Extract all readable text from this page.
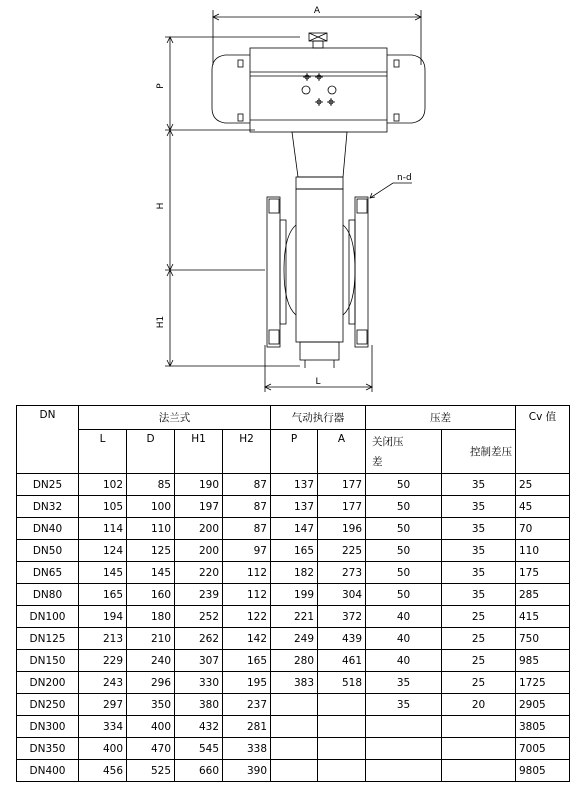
A
P
H
H1
L
n-d
DN	法兰式				气动执行器		压差		Cv 值
	L	D	H1	H2	P	A	关闭压差	控制差压	

DN25	102	85	190	87	137	177	50	35	25
DN32	105	100	197	87	137	177	50	35	45
DN40	114	110	200	87	147	196	50	35	70
DN50	124	125	200	97	165	225	50	35	110
DN65	145	145	220	112	182	273	50	35	175
DN80	165	160	239	112	199	304	50	35	285
DN100	194	180	252	122	221	372	40	25	415
DN125	213	210	262	142	249	439	40	25	750
DN150	229	240	307	165	280	461	40	25	985
DN200	243	296	330	195	383	518	35	25	1725
DN250	297	350	380	237			35	20	2905
DN300	334	400	432	281					3805
DN350	400	470	545	338					7005
DN400	456	525	660	390					9805
